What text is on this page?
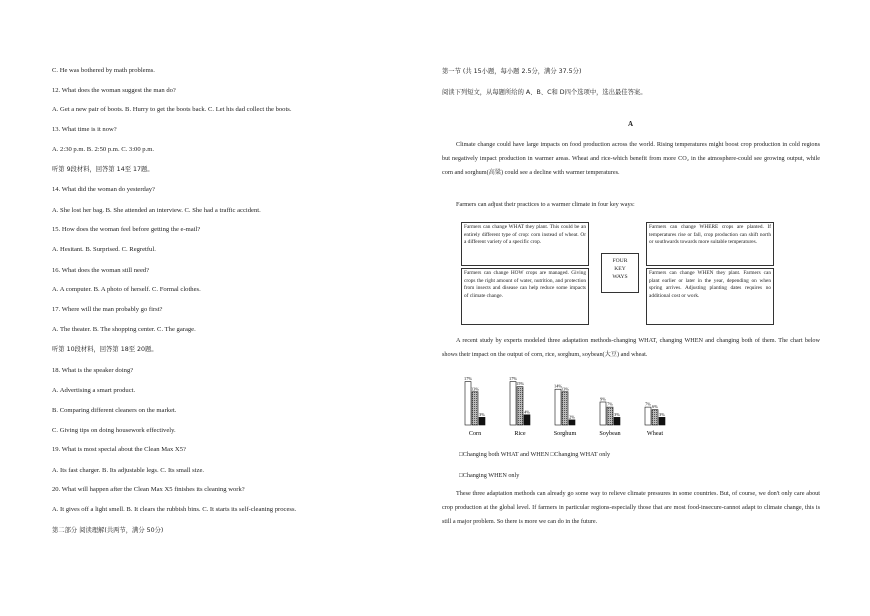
C. He was bothered by math problems.
12. What does the woman suggest the man do?
A. Get a new pair of boots. B. Hurry to get the boots back. C. Let his dad collect the boots.
13. What time is it now?
A. 2:30 p.m. B. 2:50 p.m. C. 3:00 p.m.
听第 9段材料，回答第 14至 17题。
14. What did the woman do yesterday?
A. She lost her bag. B. She attended an interview. C. She had a traffic accident.
15. How does the woman feel before getting the e-mail?
A. Hesitant. B. Surprised. C. Regretful.
16. What does the woman still need?
A. A computer. B. A photo of herself. C. Formal clothes.
17. Where will the man probably go first?
A. The theater. B. The shopping center. C. The garage.
听第 10段材料，回答第 18至 20题。
18. What is the speaker doing?
A. Advertising a smart product.
B. Comparing different cleaners on the market.
C. Giving tips on doing housework effectively.
19. What is most special about the Clean Max X5?
A. Its fast charger. B. Its adjustable legs. C. Its small size.
20. What will happen after the Clean Max X5 finishes its cleaning work?
A. It gives off a light smell. B. It clears the rubbish bins. C. It starts its self-cleaning process.
第二部分 阅读理解(共两节，满分 50分)
第一节 (共 15小题，每小题 2.5分，满分 37.5分)
阅读下列短文，从每题所给的 A、B、C和 D四个选项中，选出最佳答案。
A
Climate change could have large impacts on food production across the world. Rising temperatures might boost crop production in cold regions but negatively impact production in warmer areas. Wheat and rice-which benefit from more CO₂ in the atmosphere-could see growing output, while corn and sorghum(高粱) could see a decline with warmer temperatures.
Farmers can adjust their practices to a warmer climate in four key ways:
Farmers can change WHAT they plant. This could be an entirely different type of crop: corn instead of wheat. Or a different variety of a specific crop.
Farmers can change WHERE crops are planted. If temperatures rise or fall, crop production can shift north or southwards towards more suitable temperatures.
Farmers can change HOW crops are managed. Giving crops the right amount of water, nutrition, and protection from insects and disease can help reduce some impacts of climate change.
Farmers can change WHEN they plant. Farmers can plant earlier or later in the year, depending on when spring arrives. Adjusting planting dates requires no additional cost or work.
FOUR
KEY
WAYS
A recent study by experts modeled three adaptation methods-changing WHAT, changing WHEN and changing both of them. The chart below shows their impact on the output of corn, rice, sorghum, soybean(大豆) and wheat.
17%
13%
3%
Corn
17%
15%
4%
Rice
14%
13%
2%
Sorghum
9%
7%
3%
Soybean
7%
6%
3%
Wheat
□Changing both WHAT and WHEN □Changing WHAT only
□Changing WHEN only
These three adaptation methods can already go some way to relieve climate pressures in some countries. But, of course, we don't only care about crop production at the global level. If farmers in particular regions-especially those that are most food-insecure-cannot adapt to climate change, this is still a major problem. So there is more we can do in the future.
